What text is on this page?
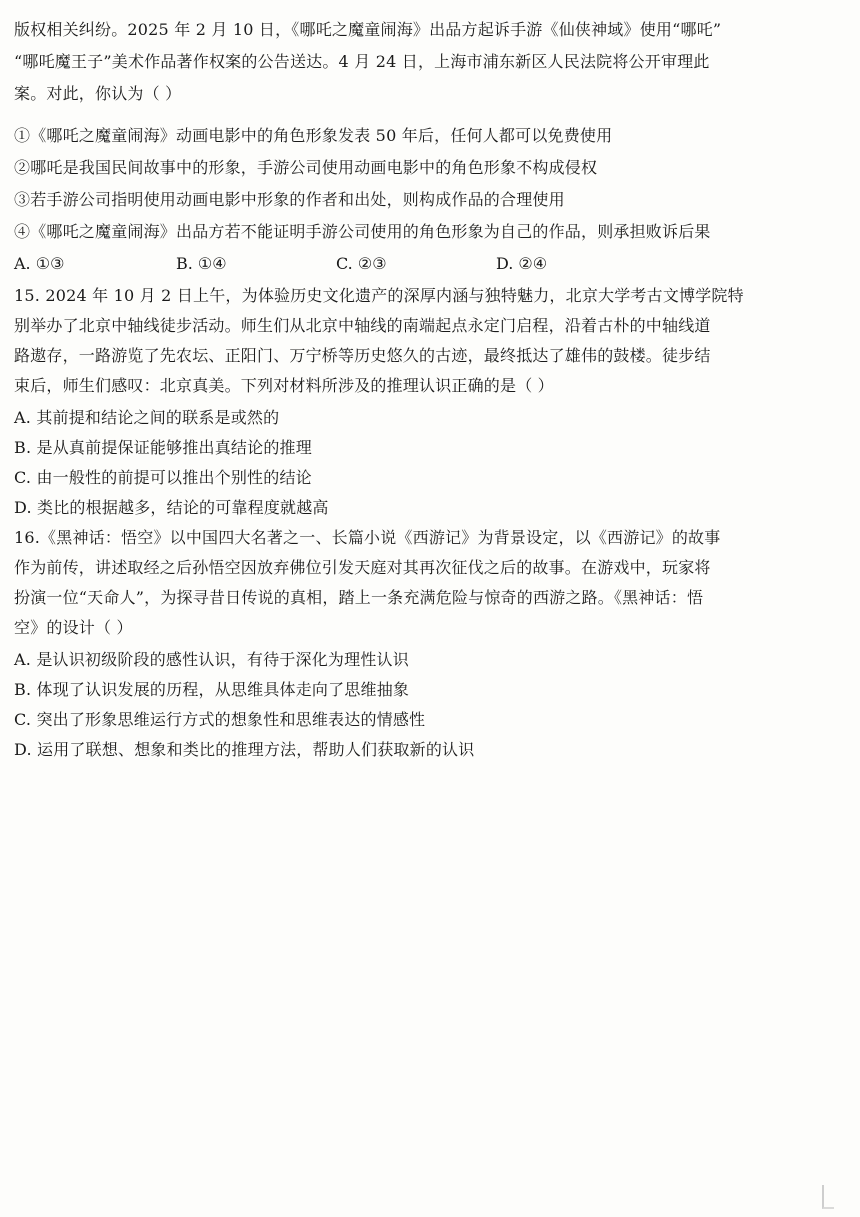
版权相关纠纷。2025 年 2 月 10 日，《哪吒之魔童闹海》出品方起诉手游《仙侠神域》使用“哪吒”
“哪吒魔王子”美术作品著作权案的公告送达。4 月 24 日，上海市浦东新区人民法院将公开审理此
案。对此，你认为（ ）
①《哪吒之魔童闹海》动画电影中的角色形象发表 50 年后，任何人都可以免费使用
②哪吒是我国民间故事中的形象，手游公司使用动画电影中的角色形象不构成侵权
③若手游公司指明使用动画电影中形象的作者和出处，则构成作品的合理使用
④《哪吒之魔童闹海》出品方若不能证明手游公司使用的角色形象为自己的作品，则承担败诉后果
A. ①③	B. ①④	C. ②③	D. ②④
15. 2024 年 10 月 2 日上午，为体验历史文化遗产的深厚内涵与独特魅力，北京大学考古文博学院特
别举办了北京中轴线徒步活动。师生们从北京中轴线的南端起点永定门启程，沿着古朴的中轴线道
路遨存，一路游览了先农坛、正阳门、万宁桥等历史悠久的古迹，最终抵达了雄伟的鼓楼。徒步结
束后，师生们感叹：北京真美。下列对材料所涉及的推理认识正确的是（ ）
A. 其前提和结论之间的联系是或然的
B. 是从真前提保证能够推出真结论的推理
C. 由一般性的前提可以推出个别性的结论
D. 类比的根据越多，结论的可靠程度就越高
16.《黑神话：悟空》以中国四大名著之一、长篇小说《西游记》为背景设定，以《西游记》的故事
作为前传，讲述取经之后孙悟空因放弃佛位引发天庭对其再次征伐之后的故事。在游戏中，玩家将
扮演一位“天命人”，为探寻昔日传说的真相，踏上一条充满危险与惊奇的西游之路。《黑神话：悟
空》的设计（ ）
A. 是认识初级阶段的感性认识，有待于深化为理性认识
B. 体现了认识发展的历程，从思维具体走向了思维抽象
C. 突出了形象思维运行方式的想象性和思维表达的情感性
D. 运用了联想、想象和类比的推理方法，帮助人们获取新的认识
